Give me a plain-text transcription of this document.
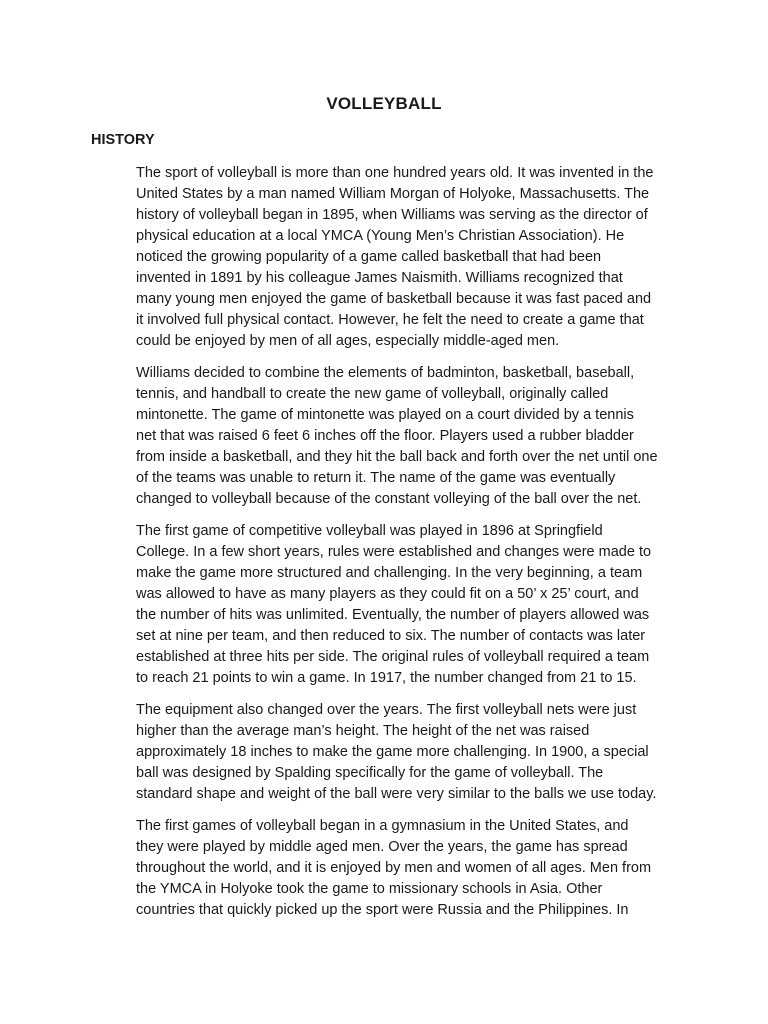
VOLLEYBALL
HISTORY

The sport of volleyball is more than one hundred years old. It was invented in the
United States by a man named William Morgan of Holyoke, Massachusetts. The
history of volleyball began in 1895, when Williams was serving as the director of
physical education at a local YMCA (Young Men’s Christian Association). He
noticed the growing popularity of a game called basketball that had been
invented in 1891 by his colleague James Naismith. Williams recognized that
many young men enjoyed the game of basketball because it was fast paced and
it involved full physical contact. However, he felt the need to create a game that
could be enjoyed by men of all ages, especially middle-aged men.

Williams decided to combine the elements of badminton, basketball, baseball,
tennis, and handball to create the new game of volleyball, originally called
mintonette. The game of mintonette was played on a court divided by a tennis
net that was raised 6 feet 6 inches off the floor. Players used a rubber bladder
from inside a basketball, and they hit the ball back and forth over the net until one
of the teams was unable to return it. The name of the game was eventually
changed to volleyball because of the constant volleying of the ball over the net.

The first game of competitive volleyball was played in 1896 at Springfield
College. In a few short years, rules were established and changes were made to
make the game more structured and challenging. In the very beginning, a team
was allowed to have as many players as they could fit on a 50’ x 25’ court, and
the number of hits was unlimited. Eventually, the number of players allowed was
set at nine per team, and then reduced to six. The number of contacts was later
established at three hits per side. The original rules of volleyball required a team
to reach 21 points to win a game. In 1917, the number changed from 21 to 15.

The equipment also changed over the years. The first volleyball nets were just
higher than the average man’s height. The height of the net was raised
approximately 18 inches to make the game more challenging. In 1900, a special
ball was designed by Spalding specifically for the game of volleyball. The
standard shape and weight of the ball were very similar to the balls we use today.

The first games of volleyball began in a gymnasium in the United States, and
they were played by middle aged men. Over the years, the game has spread
throughout the world, and it is enjoyed by men and women of all ages. Men from
the YMCA in Holyoke took the game to missionary schools in Asia. Other
countries that quickly picked up the sport were Russia and the Philippines. In
